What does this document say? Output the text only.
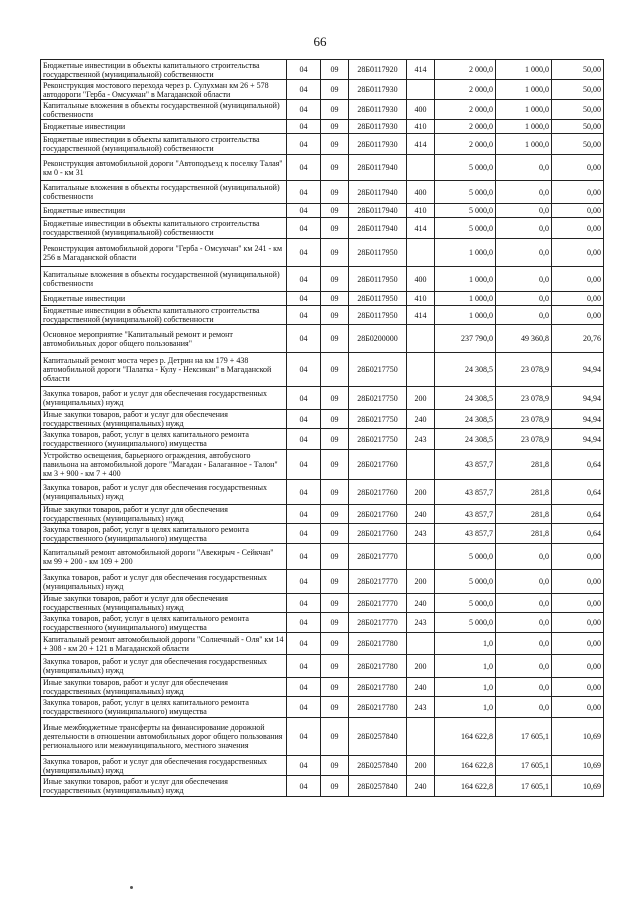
66
Бюджетные инвестиции в объекты капитального строительства государственной (муниципальной) собственности	04	09	28Б0117920	414	2 000,0	1 000,0	50,00
Реконструкция мостового перехода через р. Сулухман км 26 + 578 автодороги "Герба - Омсукчан" в Магаданской области	04	09	28Б0117930		2 000,0	1 000,0	50,00
Капитальные вложения в объекты государственной (муниципальной) собственности	04	09	28Б0117930	400	2 000,0	1 000,0	50,00
Бюджетные инвестиции	04	09	28Б0117930	410	2 000,0	1 000,0	50,00
Бюджетные инвестиции в объекты капитального строительства государственной (муниципальной) собственности	04	09	28Б0117930	414	2 000,0	1 000,0	50,00
Реконструкция автомобильной дороги "Автоподъезд к поселку Талая" км 0 - км 31	04	09	28Б0117940		5 000,0	0,0	0,00
Капитальные вложения в объекты государственной (муниципальной) собственности	04	09	28Б0117940	400	5 000,0	0,0	0,00
Бюджетные инвестиции	04	09	28Б0117940	410	5 000,0	0,0	0,00
Бюджетные инвестиции в объекты капитального строительства государственной (муниципальной) собственности	04	09	28Б0117940	414	5 000,0	0,0	0,00
Реконструкция автомобильной дороги "Герба - Омсукчан" км 241 - км 256 в Магаданской области	04	09	28Б0117950		1 000,0	0,0	0,00
Капитальные вложения в объекты государственной (муниципальной) собственности	04	09	28Б0117950	400	1 000,0	0,0	0,00
Бюджетные инвестиции	04	09	28Б0117950	410	1 000,0	0,0	0,00
Бюджетные инвестиции в объекты капитального строительства государственной (муниципальной) собственности	04	09	28Б0117950	414	1 000,0	0,0	0,00
Основное мероприятие "Капитальный ремонт и ремонт автомобильных дорог общего пользования"	04	09	28Б0200000		237 790,0	49 360,8	20,76
Капитальный ремонт моста через р. Детрин на км 179 + 438 автомобильной дороги "Палатка - Кулу - Нексикан" в Магаданской области	04	09	28Б0217750		24 308,5	23 078,9	94,94
Закупка товаров, работ и услуг для обеспечения государственных (муниципальных) нужд	04	09	28Б0217750	200	24 308,5	23 078,9	94,94
Иные закупки товаров, работ и услуг для обеспечения государственных (муниципальных) нужд	04	09	28Б0217750	240	24 308,5	23 078,9	94,94
Закупка товаров, работ, услуг в целях капитального ремонта государственного (муниципального) имущества	04	09	28Б0217750	243	24 308,5	23 078,9	94,94
Устройство освещения, барьерного ограждения, автобусного павильона на автомобильной дороге "Магадан - Балаганное - Талон" км 3 + 900 - км 7 + 400	04	09	28Б0217760		43 857,7	281,8	0,64
Закупка товаров, работ и услуг для обеспечения государственных (муниципальных) нужд	04	09	28Б0217760	200	43 857,7	281,8	0,64
Иные закупки товаров, работ и услуг для обеспечения государственных (муниципальных) нужд	04	09	28Б0217760	240	43 857,7	281,8	0,64
Закупка товаров, работ, услуг в целях капитального ремонта государственного (муниципального) имущества	04	09	28Б0217760	243	43 857,7	281,8	0,64
Капитальный ремонт автомобильной дороги "Авекирыч - Сейкчан" км 99 + 200 - км 109 + 200	04	09	28Б0217770		5 000,0	0,0	0,00
Закупка товаров, работ и услуг для обеспечения государственных (муниципальных) нужд	04	09	28Б0217770	200	5 000,0	0,0	0,00
Иные закупки товаров, работ и услуг для обеспечения государственных (муниципальных) нужд	04	09	28Б0217770	240	5 000,0	0,0	0,00
Закупка товаров, работ, услуг в целях капитального ремонта государственного (муниципального) имущества	04	09	28Б0217770	243	5 000,0	0,0	0,00
Капитальный ремонт автомобильной дороги "Солнечный - Оля" км 14 + 308 - км 20 + 121 в Магаданской области	04	09	28Б0217780		1,0	0,0	0,00
Закупка товаров, работ и услуг для обеспечения государственных (муниципальных) нужд	04	09	28Б0217780	200	1,0	0,0	0,00
Иные закупки товаров, работ и услуг для обеспечения государственных (муниципальных) нужд	04	09	28Б0217780	240	1,0	0,0	0,00
Закупка товаров, работ, услуг в целях капитального ремонта государственного (муниципального) имущества	04	09	28Б0217780	243	1,0	0,0	0,00
Иные межбюджетные трансферты на финансирование дорожной деятельности в отношении автомобильных дорог общего пользования регионального или межмуниципального, местного значения	04	09	28Б0257840		164 622,8	17 605,1	10,69
Закупка товаров, работ и услуг для обеспечения государственных (муниципальных) нужд	04	09	28Б0257840	200	164 622,8	17 605,1	10,69
Иные закупки товаров, работ и услуг для обеспечения государственных (муниципальных) нужд	04	09	28Б0257840	240	164 622,8	17 605,1	10,69
